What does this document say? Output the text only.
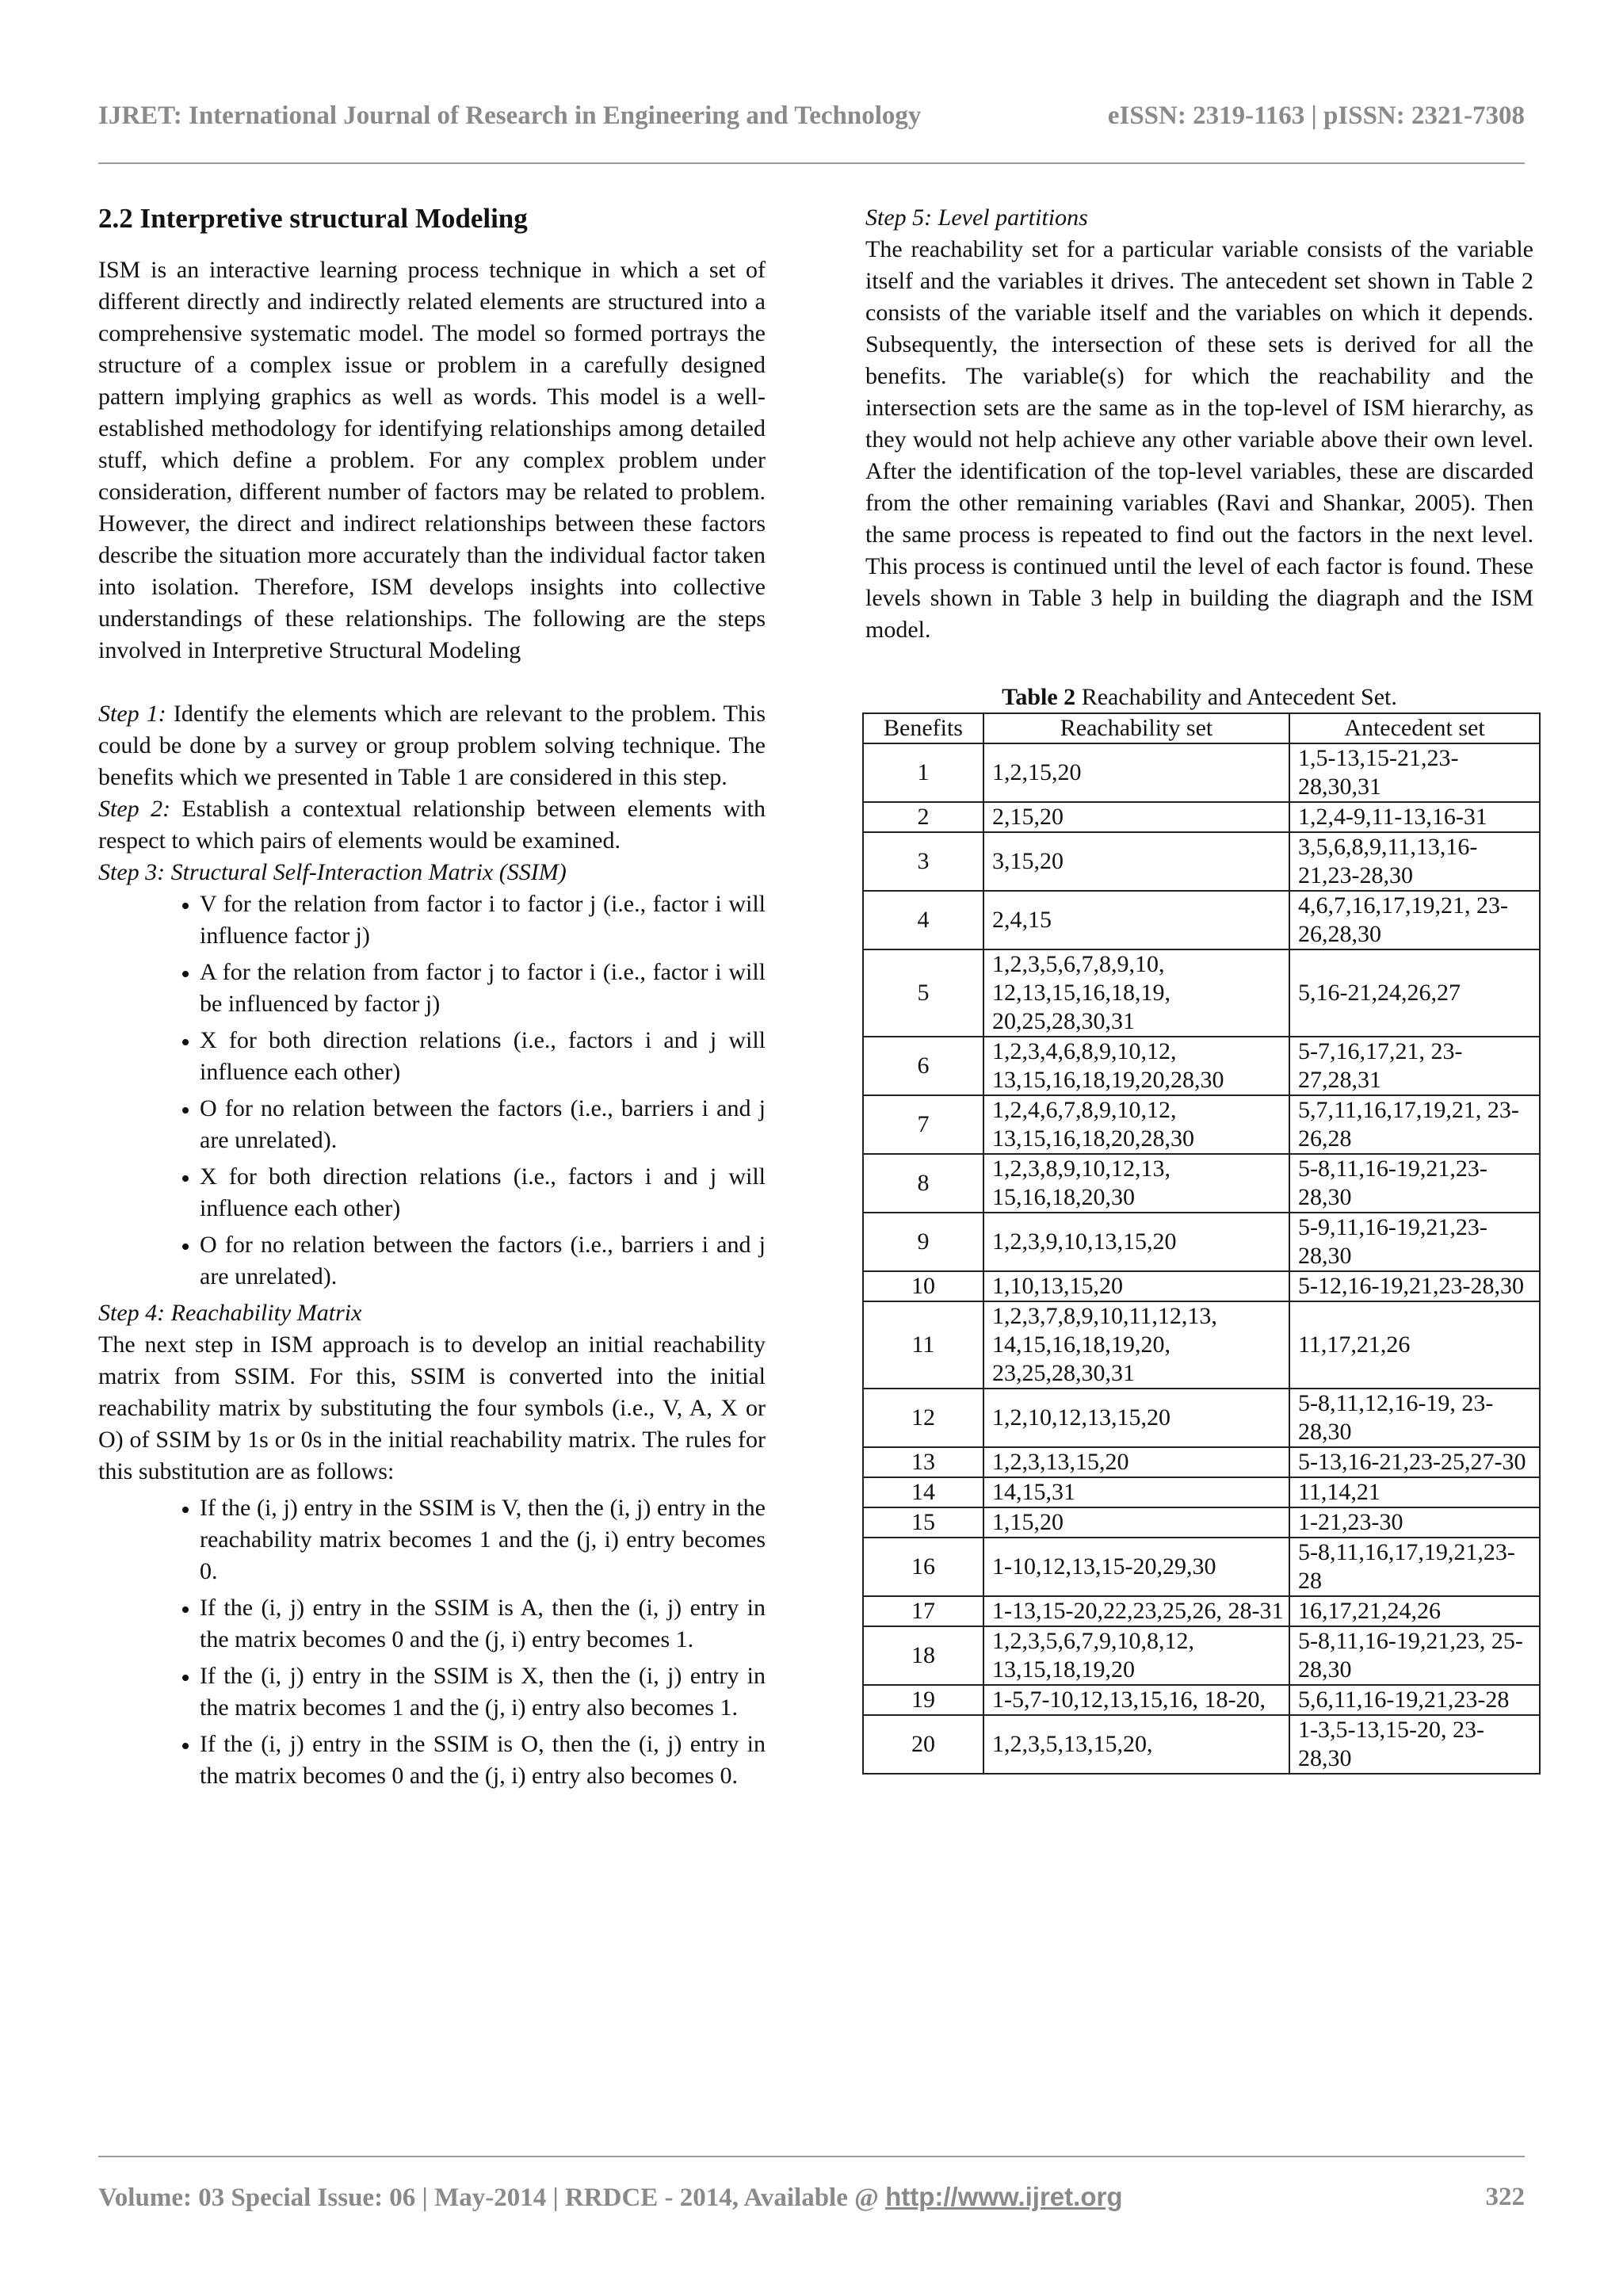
IJRET: International Journal of Research in Engineering and Technology	eISSN: 2319-1163 | pISSN: 2321-7308
2.2 Interpretive structural Modeling

ISM is an interactive learning process technique in which a set of different directly and indirectly related elements are structured into a comprehensive systematic model. The model so formed portrays the structure of a complex issue or problem in a carefully designed pattern implying graphics as well as words. This model is a well-established methodology for identifying relationships among detailed stuff, which define a problem. For any complex problem under consideration, different number of factors may be related to problem. However, the direct and indirect relationships between these factors describe the situation more accurately than the individual factor taken into isolation. Therefore, ISM develops insights into collective understandings of these relationships. The following are the steps involved in Interpretive Structural Modeling

Step 1: Identify the elements which are relevant to the problem. This could be done by a survey or group problem solving technique. The benefits which we presented in Table 1 are considered in this step.

Step 2: Establish a contextual relationship between elements with respect to which pairs of elements would be examined.

Step 3: Structural Self-Interaction Matrix (SSIM)

• V for the relation from factor i to factor j (i.e., factor i will influence factor j)
• A for the relation from factor j to factor i (i.e., factor i will be influenced by factor j)
• X for both direction relations (i.e., factors i and j will influence each other)
• O for no relation between the factors (i.e., barriers i and j are unrelated).
• X for both direction relations (i.e., factors i and j will influence each other)
• O for no relation between the factors (i.e., barriers i and j are unrelated).

Step 4: Reachability Matrix

The next step in ISM approach is to develop an initial reachability matrix from SSIM. For this, SSIM is converted into the initial reachability matrix by substituting the four symbols (i.e., V, A, X or O) of SSIM by 1s or 0s in the initial reachability matrix. The rules for this substitution are as follows:

• If the (i, j) entry in the SSIM is V, then the (i, j) entry in the reachability matrix becomes 1 and the (j, i) entry becomes 0.
• If the (i, j) entry in the SSIM is A, then the (i, j) entry in the matrix becomes 0 and the (j, i) entry becomes 1.
• If the (i, j) entry in the SSIM is X, then the (i, j) entry in the matrix becomes 1 and the (j, i) entry also becomes 1.
• If the (i, j) entry in the SSIM is O, then the (i, j) entry in the matrix becomes 0 and the (j, i) entry also becomes 0.

Step 5: Level partitions

The reachability set for a particular variable consists of the variable itself and the variables it drives. The antecedent set shown in Table 2 consists of the variable itself and the variables on which it depends. Subsequently, the intersection of these sets is derived for all the benefits. The variable(s) for which the reachability and the intersection sets are the same as in the top-level of ISM hierarchy, as they would not help achieve any other variable above their own level. After the identification of the top-level variables, these are discarded from the other remaining variables (Ravi and Shankar, 2005). Then the same process is repeated to find out the factors in the next level. This process is continued until the level of each factor is found. These levels shown in Table 3 help in building the diagraph and the ISM model.

Table 2 Reachability and Antecedent Set.
Benefits	Reachability set	Antecedent set
1	1,2,15,20	1,5-13,15-21,23-28,30,31
2	2,15,20	1,2,4-9,11-13,16-31
3	3,15,20	3,5,6,8,9,11,13,16-21,23-28,30
4	2,4,15	4,6,7,16,17,19,21, 23-26,28,30
5	1,2,3,5,6,7,8,9,10, 12,13,15,16,18,19, 20,25,28,30,31	5,16-21,24,26,27
6	1,2,3,4,6,8,9,10,12, 13,15,16,18,19,20,28,30	5-7,16,17,21, 23-27,28,31
7	1,2,4,6,7,8,9,10,12, 13,15,16,18,20,28,30	5,7,11,16,17,19,21, 23-26,28
8	1,2,3,8,9,10,12,13, 15,16,18,20,30	5-8,11,16-19,21,23-28,30
9	1,2,3,9,10,13,15,20	5-9,11,16-19,21,23-28,30
10	1,10,13,15,20	5-12,16-19,21,23-28,30
11	1,2,3,7,8,9,10,11,12,13, 14,15,16,18,19,20, 23,25,28,30,31	11,17,21,26
12	1,2,10,12,13,15,20	5-8,11,12,16-19, 23-28,30
13	1,2,3,13,15,20	5-13,16-21,23-25,27-30
14	14,15,31	11,14,21
15	1,15,20	1-21,23-30
16	1-10,12,13,15-20,29,30	5-8,11,16,17,19,21,23-28
17	1-13,15-20,22,23,25,26, 28-31	16,17,21,24,26
18	1,2,3,5,6,7,9,10,8,12, 13,15,18,19,20	5-8,11,16-19,21,23, 25-28,30
19	1-5,7-10,12,13,15,16, 18-20,	5,6,11,16-19,21,23-28
20	1,2,3,5,13,15,20,	1-3,5-13,15-20, 23-28,30
Volume: 03 Special Issue: 06 | May-2014 | RRDCE - 2014, Available @ http://www.ijret.org	322
